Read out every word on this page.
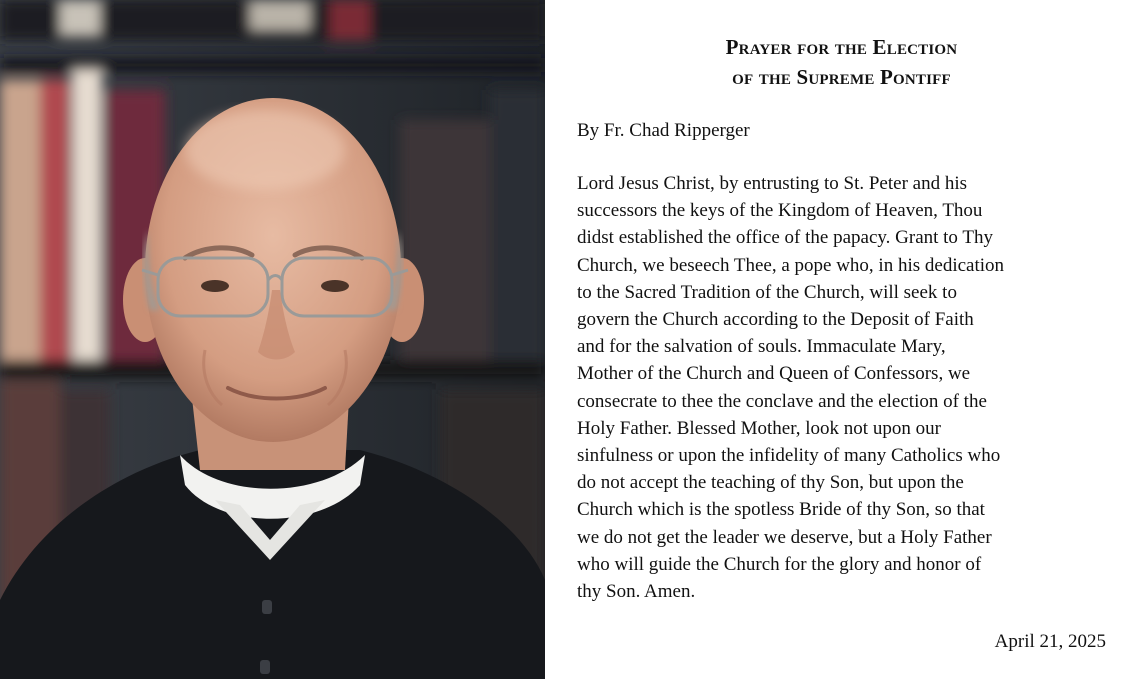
Prayer for the Election
of the Supreme Pontiff
By Fr. Chad Ripperger
Lord Jesus Christ, by entrusting to St. Peter and his
successors the keys of the Kingdom of Heaven, Thou
didst established the office of the papacy. Grant to Thy
Church, we beseech Thee, a pope who, in his dedication
to the Sacred Tradition of the Church, will seek to
govern the Church according to the Deposit of Faith
and for the salvation of souls. Immaculate Mary,
Mother of the Church and Queen of Confessors, we
consecrate to thee the conclave and the election of the
Holy Father. Blessed Mother, look not upon our
sinfulness or upon the infidelity of many Catholics who
do not accept the teaching of thy Son, but upon the
Church which is the spotless Bride of thy Son, so that
we do not get the leader we deserve, but a Holy Father
who will guide the Church for the glory and honor of
thy Son. Amen.
April 21, 2025
